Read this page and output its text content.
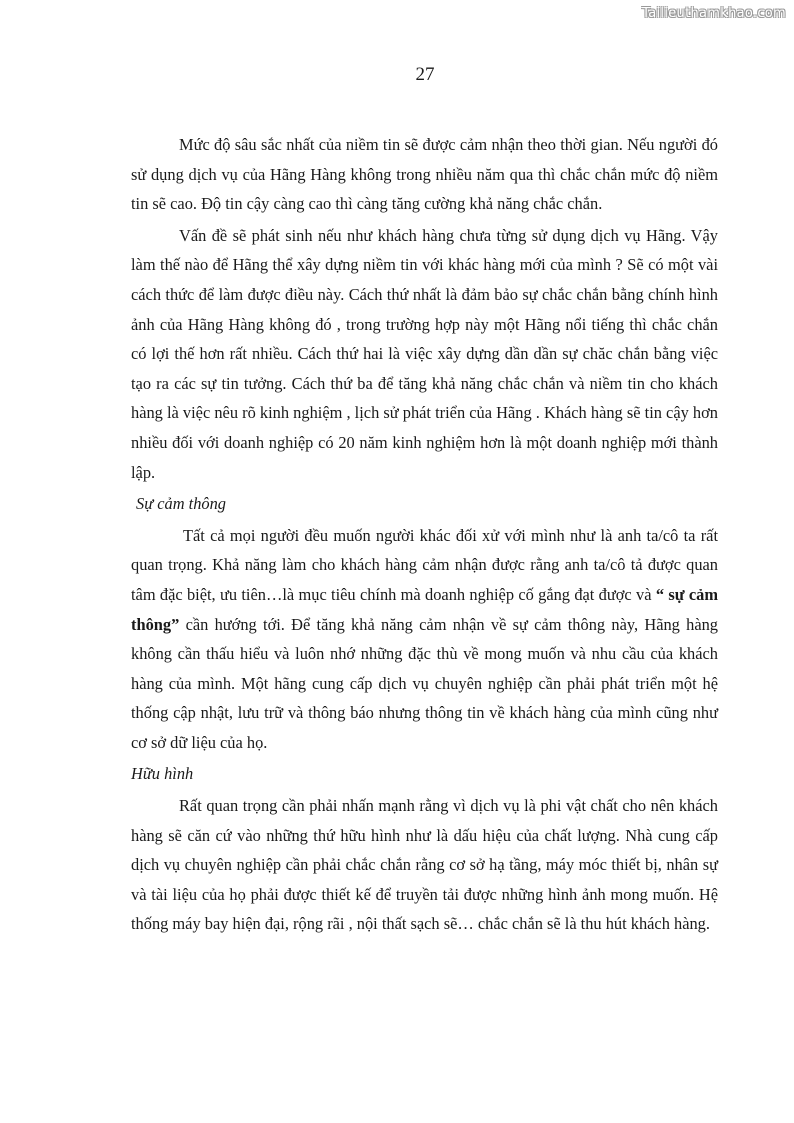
Tailieuthamkhao.com
27

Mức độ sâu sắc nhất của niềm tin sẽ được cảm nhận theo thời gian. Nếu người đó sử dụng dịch vụ của Hãng Hàng không trong nhiều năm qua thì chắc chắn mức độ niềm tin sẽ cao. Độ tin cậy càng cao thì càng tăng cường khả năng chắc chắn.

Vấn đề sẽ phát sinh nếu như khách hàng chưa từng sử dụng dịch vụ Hãng. Vậy làm thế nào để Hãng thể xây dựng niềm tin với khác hàng mới của mình ? Sẽ có một vài cách thức để làm được điều này. Cách thứ nhất là đảm bảo sự chắc chắn bằng chính hình ảnh của Hãng Hàng không đó , trong trường hợp này một Hãng nổi tiếng thì chắc chắn có lợi thế hơn rất nhiều. Cách thứ hai là việc xây dựng dần dần sự chăc chắn bằng việc tạo ra các sự tin tưởng. Cách thứ ba để tăng khả năng chắc chắn và niềm tin cho khách hàng là việc nêu rõ kinh nghiệm , lịch sử phát triển của Hãng . Khách hàng sẽ tin cậy hơn nhiều đối với doanh nghiệp có 20 năm kinh nghiệm hơn là một doanh nghiệp mới thành lập.

Sự cảm thông

Tất cả mọi người đều muốn người khác đối xử với mình như là anh ta/cô ta rất quan trọng. Khả năng làm cho khách hàng cảm nhận được rằng anh ta/cô tả được quan tâm đặc biệt, ưu tiên…là mục tiêu chính mà doanh nghiệp cố gắng đạt được và “ sự cảm thông” cần hướng tới. Để tăng khả năng cảm nhận về sự cảm thông này, Hãng hàng không cần thấu hiểu và luôn nhớ những đặc thù về mong muốn và nhu cầu của khách hàng của mình. Một hãng cung cấp dịch vụ chuyên nghiệp cần phải phát triển một hệ thống cập nhật, lưu trữ và thông báo nhưng thông tin về khách hàng của mình cũng như cơ sở dữ liệu của họ.

Hữu hình

Rất quan trọng cần phải nhấn mạnh rằng vì dịch vụ là phi vật chất cho nên khách hàng sẽ căn cứ vào những thứ hữu hình như là dấu hiệu của chất lượng. Nhà cung cấp dịch vụ chuyên nghiệp cần phải chắc chắn rằng cơ sở hạ tầng, máy móc thiết bị, nhân sự và tài liệu của họ phải được thiết kế để truyền tải được những hình ảnh mong muốn. Hệ thống máy bay hiện đại, rộng rãi , nội thất sạch sẽ… chắc chắn sẽ là thu hút khách hàng.
